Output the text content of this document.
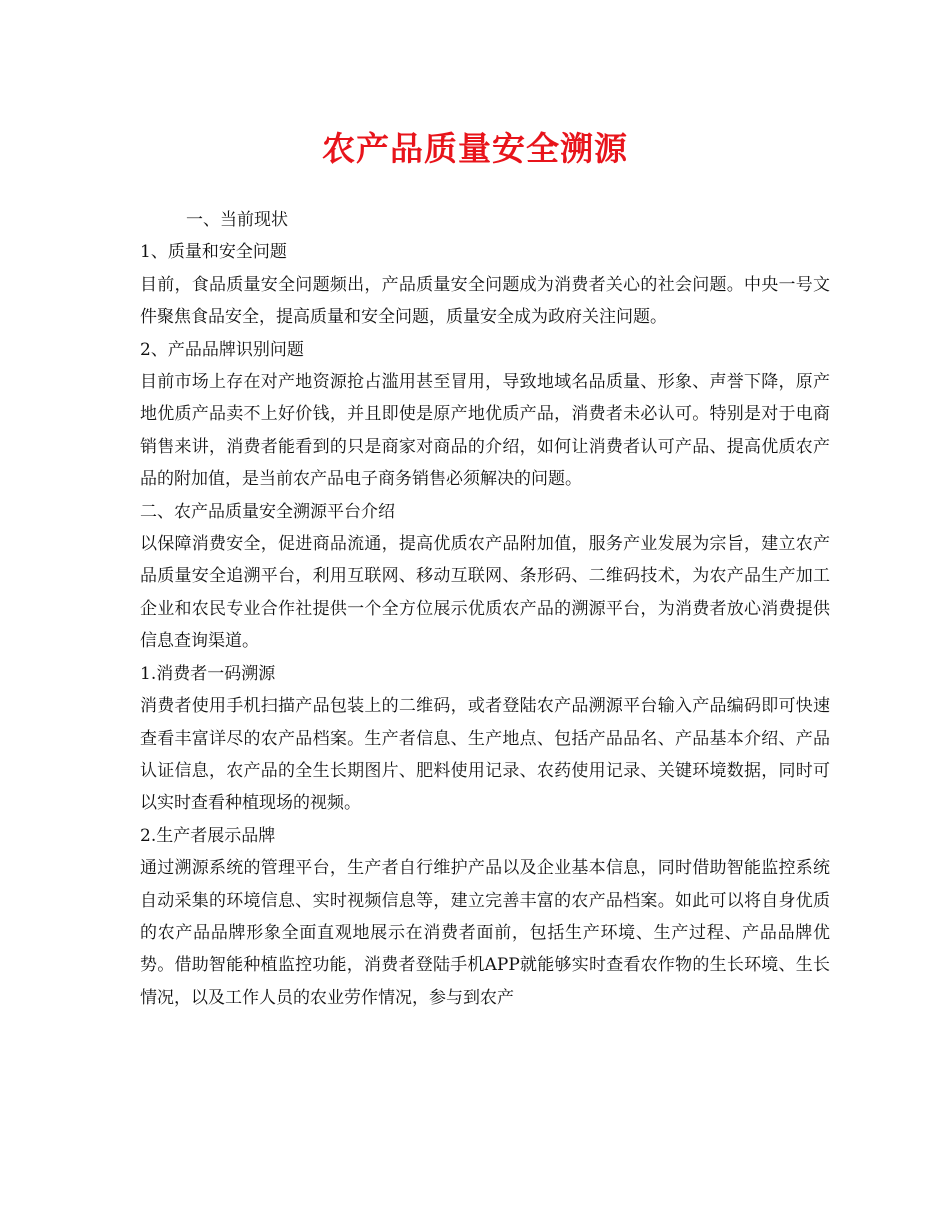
农产品质量安全溯源

一、当前现状

1、质量和安全问题

目前，食品质量安全问题频出，产品质量安全问题成为消费者关心的社会问题。中央一号文件聚焦食品安全，提高质量和安全问题，质量安全成为政府关注问题。

2、产品品牌识别问题

目前市场上存在对产地资源抢占滥用甚至冒用，导致地域名品质量、形象、声誉下降，原产地优质产品卖不上好价钱，并且即使是原产地优质产品，消费者未必认可。特别是对于电商销售来讲，消费者能看到的只是商家对商品的介绍，如何让消费者认可产品、提高优质农产品的附加值，是当前农产品电子商务销售必须解决的问题。

二、农产品质量安全溯源平台介绍

以保障消费安全，促进商品流通，提高优质农产品附加值，服务产业发展为宗旨，建立农产品质量安全追溯平台，利用互联网、移动互联网、条形码、二维码技术，为农产品生产加工企业和农民专业合作社提供一个全方位展示优质农产品的溯源平台，为消费者放心消费提供信息查询渠道。

1.消费者一码溯源

消费者使用手机扫描产品包装上的二维码，或者登陆农产品溯源平台输入产品编码即可快速查看丰富详尽的农产品档案。生产者信息、生产地点、包括产品品名、产品基本介绍、产品认证信息，农产品的全生长期图片、肥料使用记录、农药使用记录、关键环境数据，同时可以实时查看种植现场的视频。

2.生产者展示品牌

通过溯源系统的管理平台，生产者自行维护产品以及企业基本信息，同时借助智能监控系统自动采集的环境信息、实时视频信息等，建立完善丰富的农产品档案。如此可以将自身优质的农产品品牌形象全面直观地展示在消费者面前，包括生产环境、生产过程、产品品牌优势。借助智能种植监控功能，消费者登陆手机APP就能够实时查看农作物的生长环境、生长情况，以及工作人员的农业劳作情况，参与到农产
